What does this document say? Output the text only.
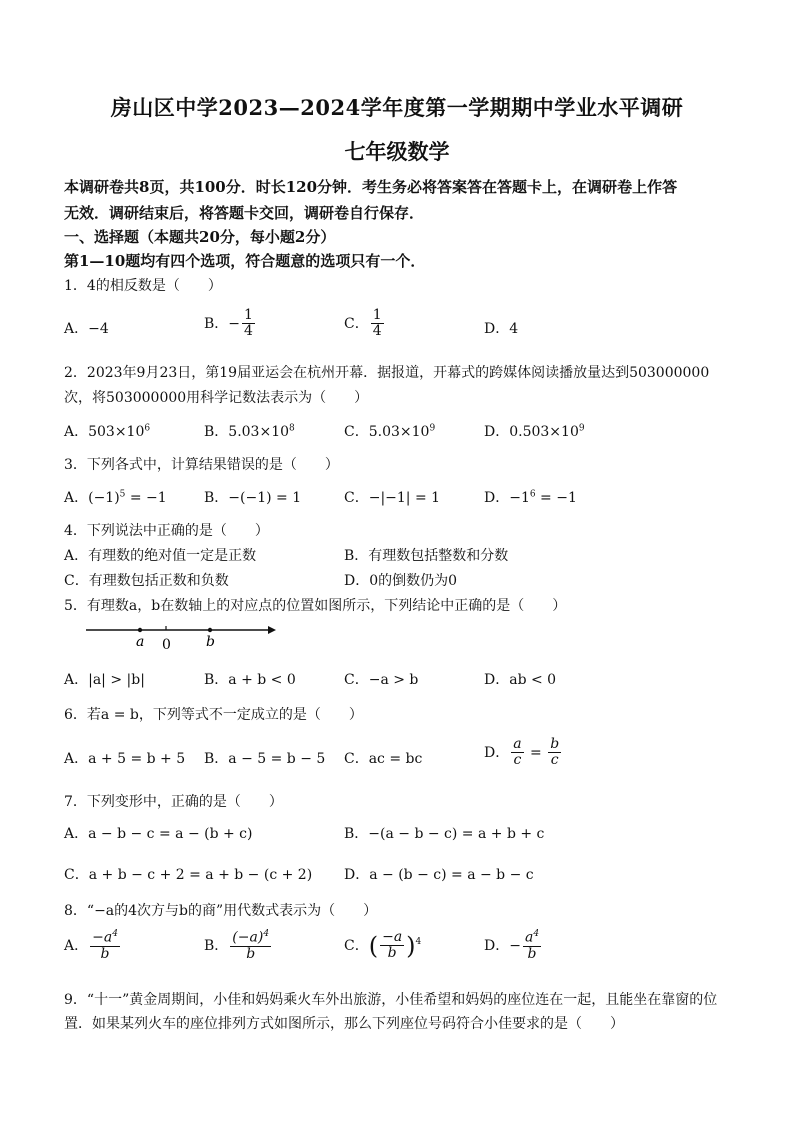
房山区中学2023—2024学年度第一学期期中学业水平调研
七年级数学
本调研卷共8页，共100分．时长120分钟．考生务必将答案答在答题卡上，在调研卷上作答
无效．调研结束后，将答题卡交回，调研卷自行保存．
一、选择题（本题共20分，每小题2分）
第1—10题均有四个选项，符合题意的选项只有一个．
1．4的相反数是（　　）
A．−4	B．− $\frac{1}{4}$	C． $\frac{1}{4}$	D．4
2．2023年9月23日，第19届亚运会在杭州开幕．据报道，开幕式的跨媒体阅读播放量达到503000000
次，将503000000用科学记数法表示为（　　）
A．$503\times 10^6$	B．$5.03\times 10^8$	C．$5.03\times 10^9$	D．$0.503\times 10^9$
3．下列各式中，计算结果错误的是（　　）
A．$(-1)^5 = -1$	B．−(−1) = 1	C．−|−1| = 1	D．$-1^6 = -1$
4．下列说法中正确的是（　　）
A．有理数的绝对值一定是正数	B．有理数包括整数和分数
C．有理数包括正数和负数	D．0的倒数仍为0
5．有理数a，b在数轴上的对应点的位置如图所示，下列结论中正确的是（　　）
a 0	b
A．|a| > |b|	B．a + b < 0	C．−a > b	D．ab < 0
6．若a = b，下列等式不一定成立的是（　　）
A．a + 5 = b + 5 B．a − 5 = b − 5 C．ac = bc	D． $\frac{a}{c} = \frac{b}{c}$
7．下列变形中，正确的是（　　）
A．a − b − c = a − (b + c)	B．−(a − b − c) = a + b + c
C．a + b − c + 2 = a + b − (c + 2) D．a − (b − c) = a − b − c
8．“−a的4次方与b的商”用代数式表示为（　　）
A． $\frac{-a^4}{b}$	B． $\frac{(-a)^4}{b}$	C．( $\frac{-a}{b} )^4$	D．− $\frac{a^4}{b}$
9．“十一”黄金周期间，小佳和妈妈乘火车外出旅游，小佳希望和妈妈的座位连在一起，且能坐在靠窗的位
置．如果某列火车的座位排列方式如图所示，那么下列座位号码符合小佳要求的是（　　）
